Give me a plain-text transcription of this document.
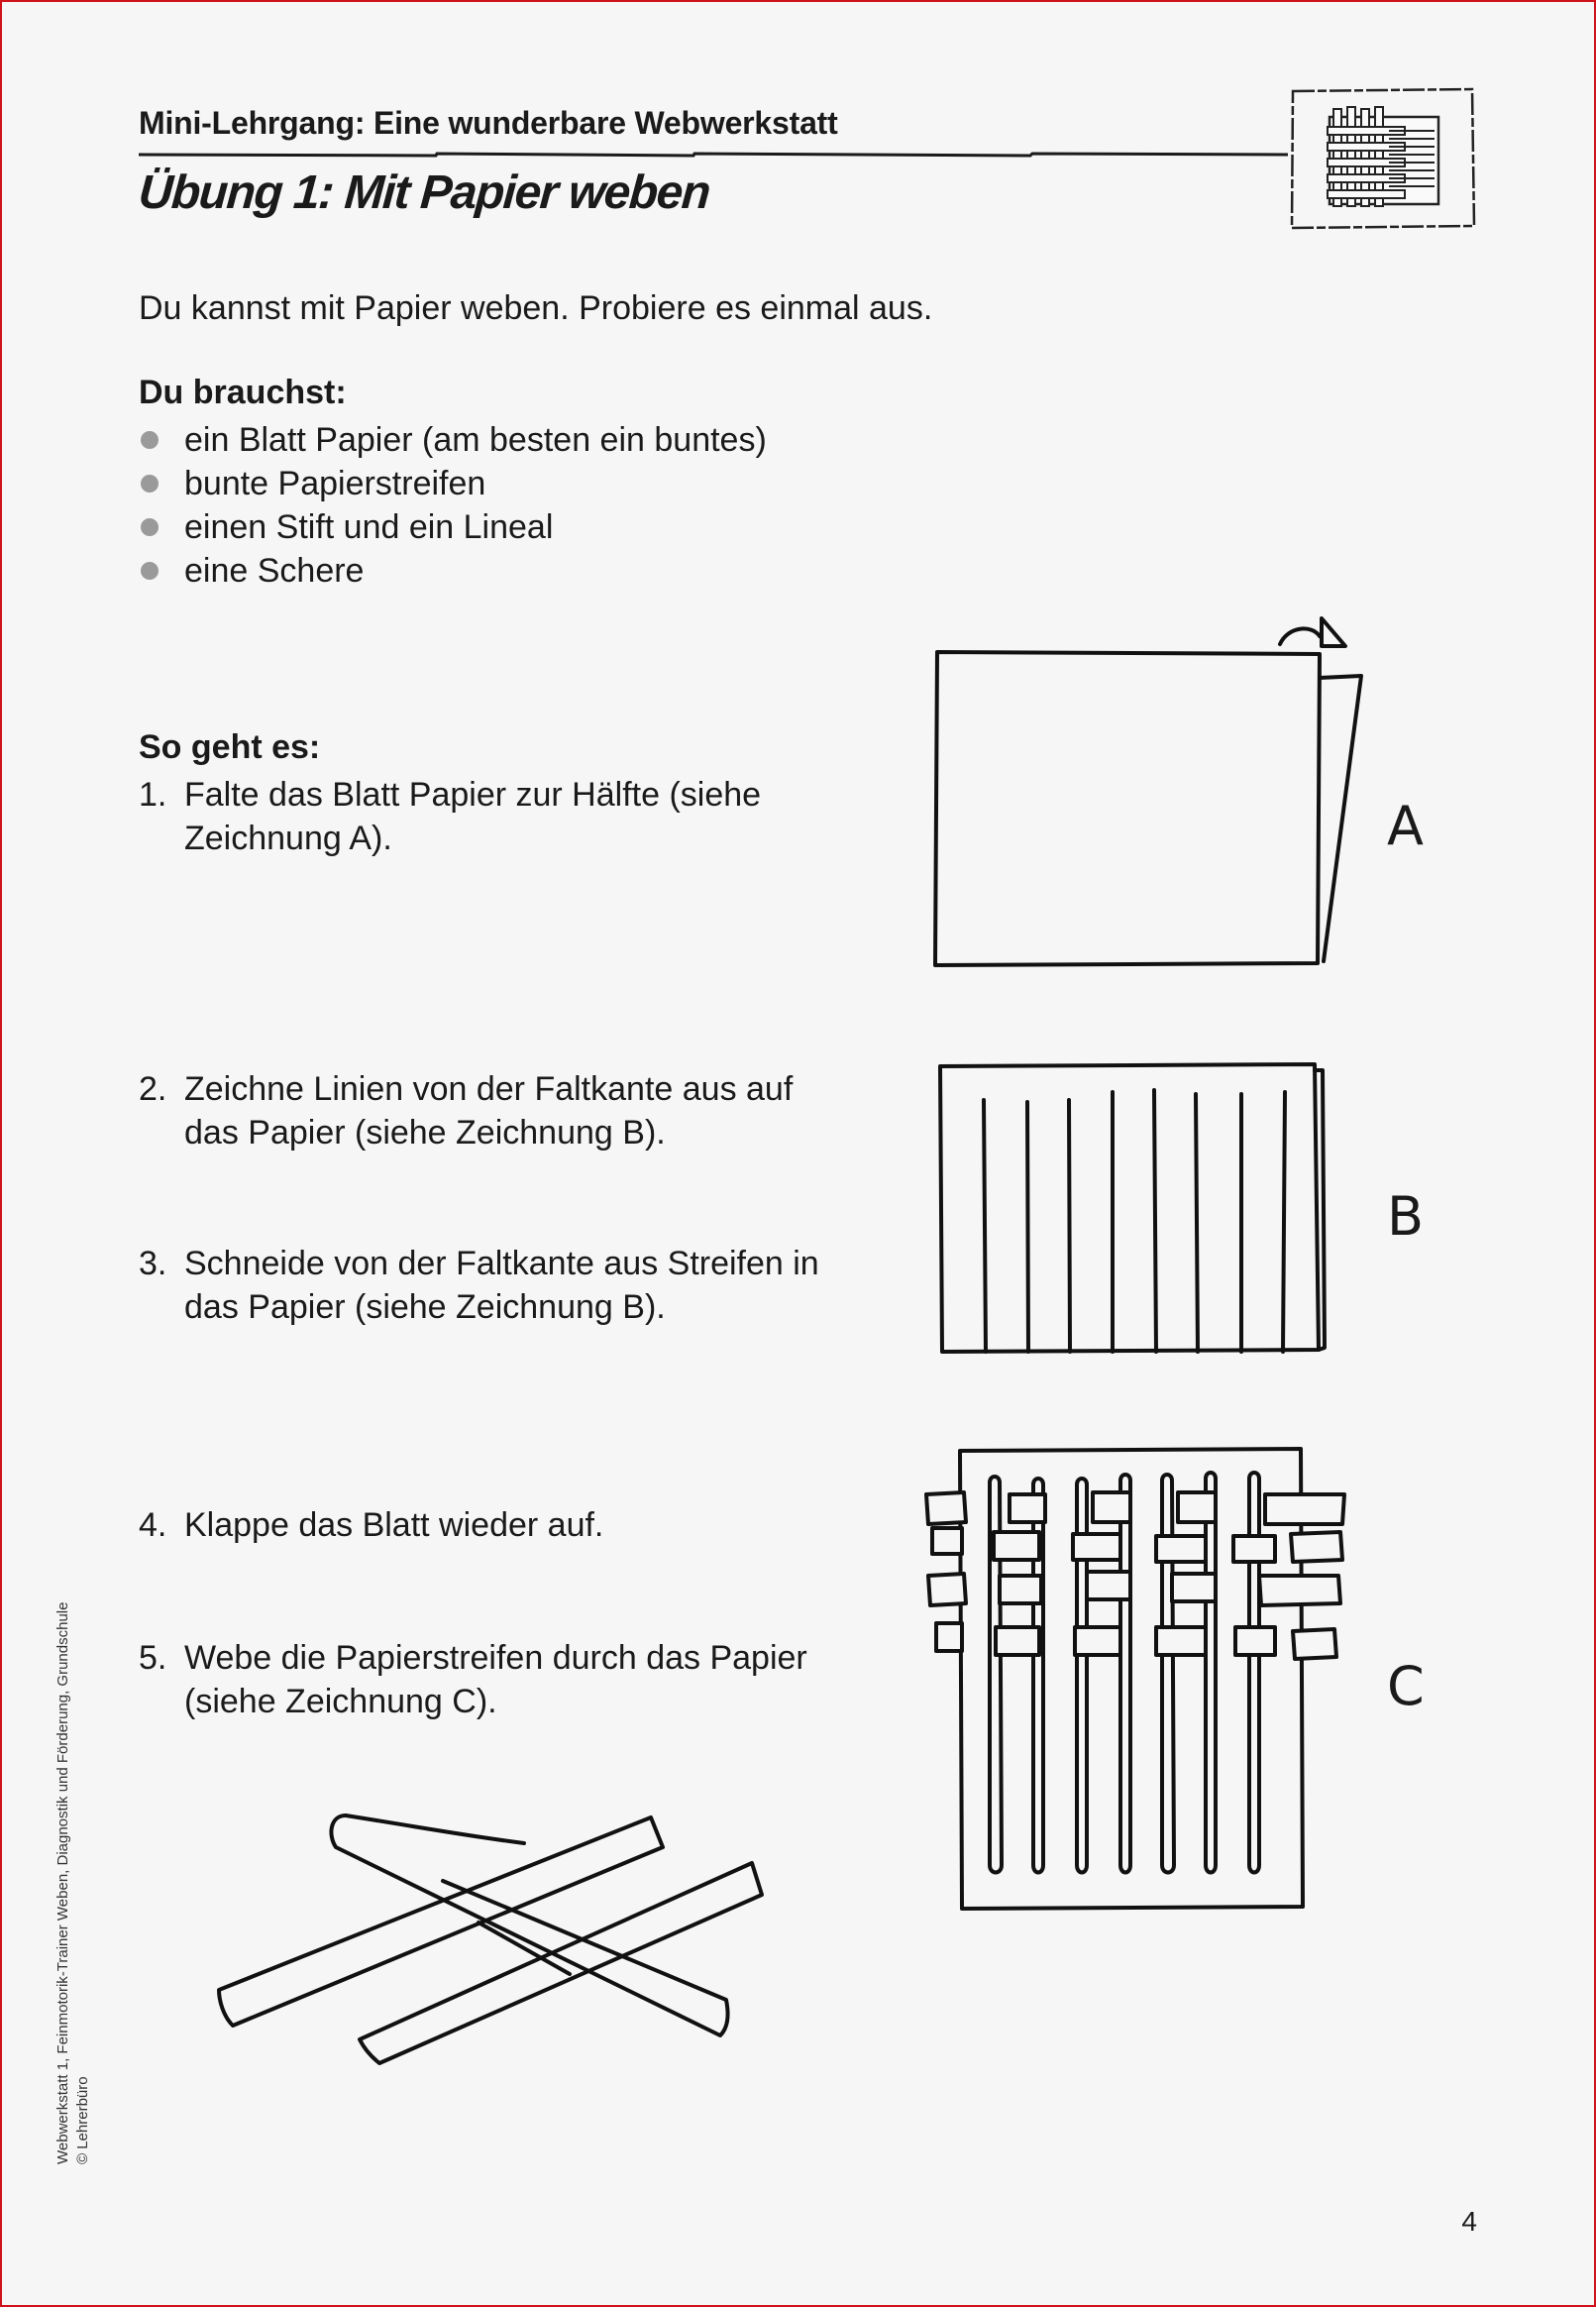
Mini-Lehrgang: Eine wunderbare Webwerkstatt
Übung 1: Mit Papier weben
Du kannst mit Papier weben. Probiere es einmal aus.
Du brauchst:
ein Blatt Papier (am besten ein buntes)
bunte Papierstreifen
einen Stift und ein Lineal
eine Schere
So geht es:
1. Falte das Blatt Papier zur Hälfte (siehe
Zeichnung A).
2. Zeichne Linien von der Faltkante aus auf
das Papier (siehe Zeichnung B).
3. Schneide von der Faltkante aus Streifen in
das Papier (siehe Zeichnung B).
4. Klappe das Blatt wieder auf.
5. Webe die Papierstreifen durch das Papier
(siehe Zeichnung C).
A
B
C
Webwerkstatt 1, Feinmotorik-Trainer Weben, Diagnostik und Förderung, Grundschule © Lehrerbüro
4
